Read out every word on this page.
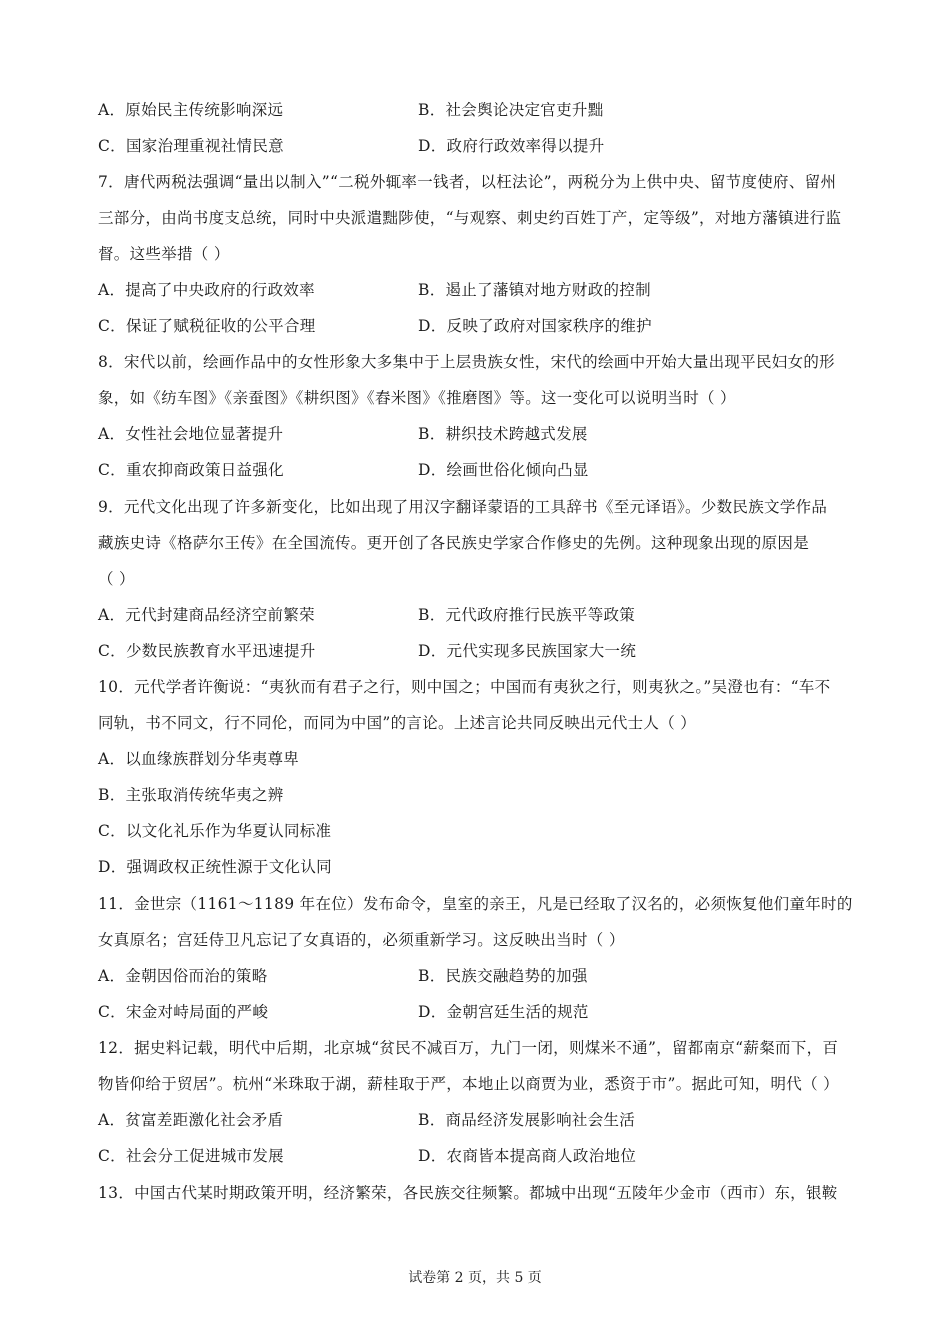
A．原始民主传统影响深远	B．社会舆论决定官吏升黜
C．国家治理重视社情民意	D．政府行政效率得以提升
7．唐代两税法强调“量出以制入”“二税外辄率一钱者，以枉法论”，两税分为上供中央、留节度使府、留州
三部分，由尚书度支总统，同时中央派遣黜陟使，“与观察、刺史约百姓丁产，定等级”，对地方藩镇进行监
督。这些举措（ ）
A．提高了中央政府的行政效率	B．遏止了藩镇对地方财政的控制
C．保证了赋税征收的公平合理	D．反映了政府对国家秩序的维护
8．宋代以前，绘画作品中的女性形象大多集中于上层贵族女性，宋代的绘画中开始大量出现平民妇女的形
象，如《纺车图》《亲蚕图》《耕织图》《舂米图》《推磨图》等。这一变化可以说明当时（ ）
A．女性社会地位显著提升	B．耕织技术跨越式发展
C．重农抑商政策日益强化	D．绘画世俗化倾向凸显
9．元代文化出现了许多新变化，比如出现了用汉字翻译蒙语的工具辞书《至元译语》。少数民族文学作品
藏族史诗《格萨尔王传》在全国流传。更开创了各民族史学家合作修史的先例。这种现象出现的原因是
（ ）
A．元代封建商品经济空前繁荣	B．元代政府推行民族平等政策
C．少数民族教育水平迅速提升	D．元代实现多民族国家大一统
10．元代学者许衡说：“夷狄而有君子之行，则中国之；中国而有夷狄之行，则夷狄之。”吴澄也有：“车不
同轨，书不同文，行不同伦，而同为中国”的言论。上述言论共同反映出元代士人（ ）
A．以血缘族群划分华夷尊卑
B．主张取消传统华夷之辨
C．以文化礼乐作为华夏认同标准
D．强调政权正统性源于文化认同
11．金世宗（1161～1189 年在位）发布命令，皇室的亲王，凡是已经取了汉名的，必须恢复他们童年时的
女真原名；宫廷侍卫凡忘记了女真语的，必须重新学习。这反映出当时（ ）
A．金朝因俗而治的策略	B．民族交融趋势的加强
C．宋金对峙局面的严峻	D．金朝宫廷生活的规范
12．据史料记载，明代中后期，北京城“贫民不减百万，九门一闭，则煤米不通”，留都南京“薪粲而下，百
物皆仰给于贸居”。杭州“米珠取于湖，薪桂取于严，本地止以商贾为业，悉资于市”。据此可知，明代（ ）
A．贫富差距激化社会矛盾	B．商品经济发展影响社会生活
C．社会分工促进城市发展	D．农商皆本提高商人政治地位
13．中国古代某时期政策开明，经济繁荣，各民族交往频繁。都城中出现“五陵年少金市（西市）东，银鞍
试卷第 2 页，共 5 页
